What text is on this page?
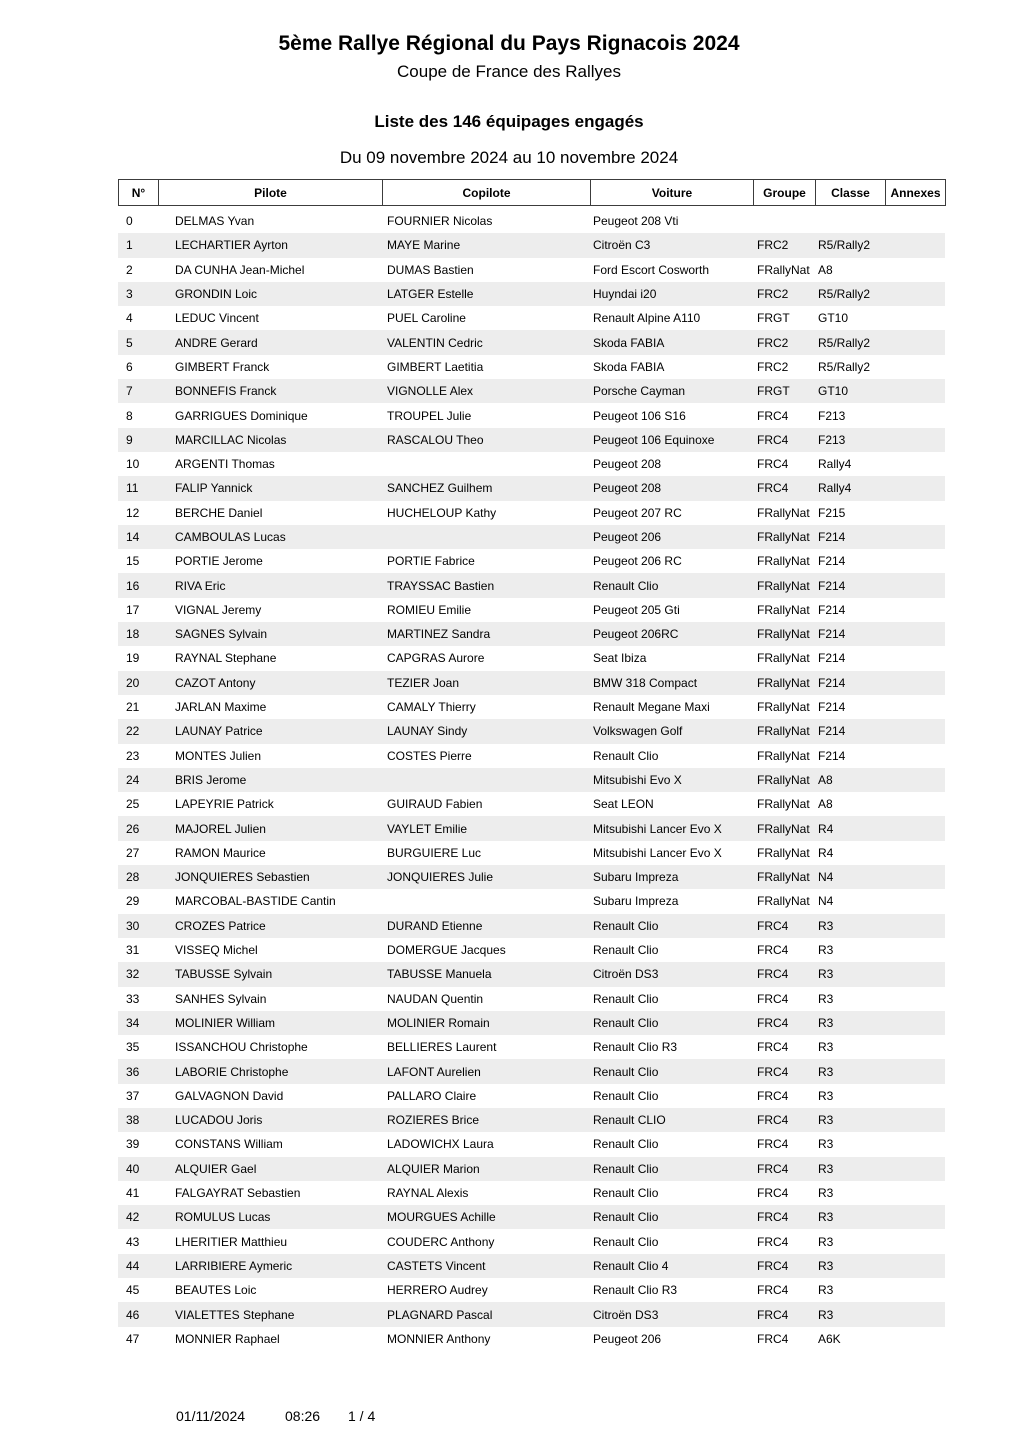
5ème Rallye Régional du Pays Rignacois 2024
Coupe de France des Rallyes
Liste des 146 équipages engagés
Du 09 novembre 2024 au 10 novembre 2024
N°	Pilote	Copilote	Voiture	Groupe	Classe	Annexes
0	DELMAS Yvan	FOURNIER Nicolas	Peugeot 208 Vti			
1	LECHARTIER Ayrton	MAYE Marine	Citroën C3	FRC2	R5/Rally2	
2	DA CUNHA Jean-Michel	DUMAS Bastien	Ford Escort Cosworth	FRallyNat	A8	
3	GRONDIN Loic	LATGER Estelle	Huyndai i20	FRC2	R5/Rally2	
4	LEDUC Vincent	PUEL Caroline	Renault Alpine A110	FRGT	GT10	
5	ANDRE Gerard	VALENTIN Cedric	Skoda FABIA	FRC2	R5/Rally2	
6	GIMBERT Franck	GIMBERT Laetitia	Skoda FABIA	FRC2	R5/Rally2	
7	BONNEFIS Franck	VIGNOLLE Alex	Porsche Cayman	FRGT	GT10	
8	GARRIGUES Dominique	TROUPEL Julie	Peugeot 106 S16	FRC4	F213	
9	MARCILLAC Nicolas	RASCALOU Theo	Peugeot 106 Equinoxe	FRC4	F213	
10	ARGENTI Thomas		Peugeot 208	FRC4	Rally4	
11	FALIP Yannick	SANCHEZ Guilhem	Peugeot 208	FRC4	Rally4	
12	BERCHE Daniel	HUCHELOUP Kathy	Peugeot 207 RC	FRallyNat	F215	
14	CAMBOULAS Lucas		Peugeot 206	FRallyNat	F214	
15	PORTIE Jerome	PORTIE Fabrice	Peugeot 206 RC	FRallyNat	F214	
16	RIVA Eric	TRAYSSAC Bastien	Renault Clio	FRallyNat	F214	
17	VIGNAL Jeremy	ROMIEU Emilie	Peugeot 205 Gti	FRallyNat	F214	
18	SAGNES Sylvain	MARTINEZ Sandra	Peugeot 206RC	FRallyNat	F214	
19	RAYNAL Stephane	CAPGRAS Aurore	Seat Ibiza	FRallyNat	F214	
20	CAZOT Antony	TEZIER Joan	BMW 318 Compact	FRallyNat	F214	
21	JARLAN Maxime	CAMALY Thierry	Renault Megane Maxi	FRallyNat	F214	
22	LAUNAY Patrice	LAUNAY Sindy	Volkswagen Golf	FRallyNat	F214	
23	MONTES Julien	COSTES Pierre	Renault Clio	FRallyNat	F214	
24	BRIS Jerome		Mitsubishi Evo X	FRallyNat	A8	
25	LAPEYRIE Patrick	GUIRAUD Fabien	Seat LEON	FRallyNat	A8	
26	MAJOREL Julien	VAYLET Emilie	Mitsubishi Lancer Evo X	FRallyNat	R4	
27	RAMON Maurice	BURGUIERE Luc	Mitsubishi Lancer Evo X	FRallyNat	R4	
28	JONQUIERES Sebastien	JONQUIERES Julie	Subaru Impreza	FRallyNat	N4	
29	MARCOBAL-BASTIDE Cantin		Subaru Impreza	FRallyNat	N4	
30	CROZES Patrice	DURAND Etienne	Renault Clio	FRC4	R3	
31	VISSEQ Michel	DOMERGUE Jacques	Renault Clio	FRC4	R3	
32	TABUSSE Sylvain	TABUSSE Manuela	Citroën DS3	FRC4	R3	
33	SANHES Sylvain	NAUDAN Quentin	Renault Clio	FRC4	R3	
34	MOLINIER William	MOLINIER Romain	Renault Clio	FRC4	R3	
35	ISSANCHOU Christophe	BELLIERES Laurent	Renault Clio R3	FRC4	R3	
36	LABORIE Christophe	LAFONT Aurelien	Renault Clio	FRC4	R3	
37	GALVAGNON David	PALLARO Claire	Renault Clio	FRC4	R3	
38	LUCADOU Joris	ROZIERES Brice	Renault CLIO	FRC4	R3	
39	CONSTANS William	LADOWICHX Laura	Renault Clio	FRC4	R3	
40	ALQUIER Gael	ALQUIER Marion	Renault Clio	FRC4	R3	
41	FALGAYRAT Sebastien	RAYNAL Alexis	Renault Clio	FRC4	R3	
42	ROMULUS Lucas	MOURGUES Achille	Renault Clio	FRC4	R3	
43	LHERITIER Matthieu	COUDERC Anthony	Renault Clio	FRC4	R3	
44	LARRIBIERE Aymeric	CASTETS Vincent	Renault Clio 4	FRC4	R3	
45	BEAUTES Loic	HERRERO Audrey	Renault Clio R3	FRC4	R3	
46	VIALETTES Stephane	PLAGNARD Pascal	Citroën DS3	FRC4	R3	
47	MONNIER Raphael	MONNIER Anthony	Peugeot 206	FRC4	A6K	
01/11/2024	08:26 1 / 4
